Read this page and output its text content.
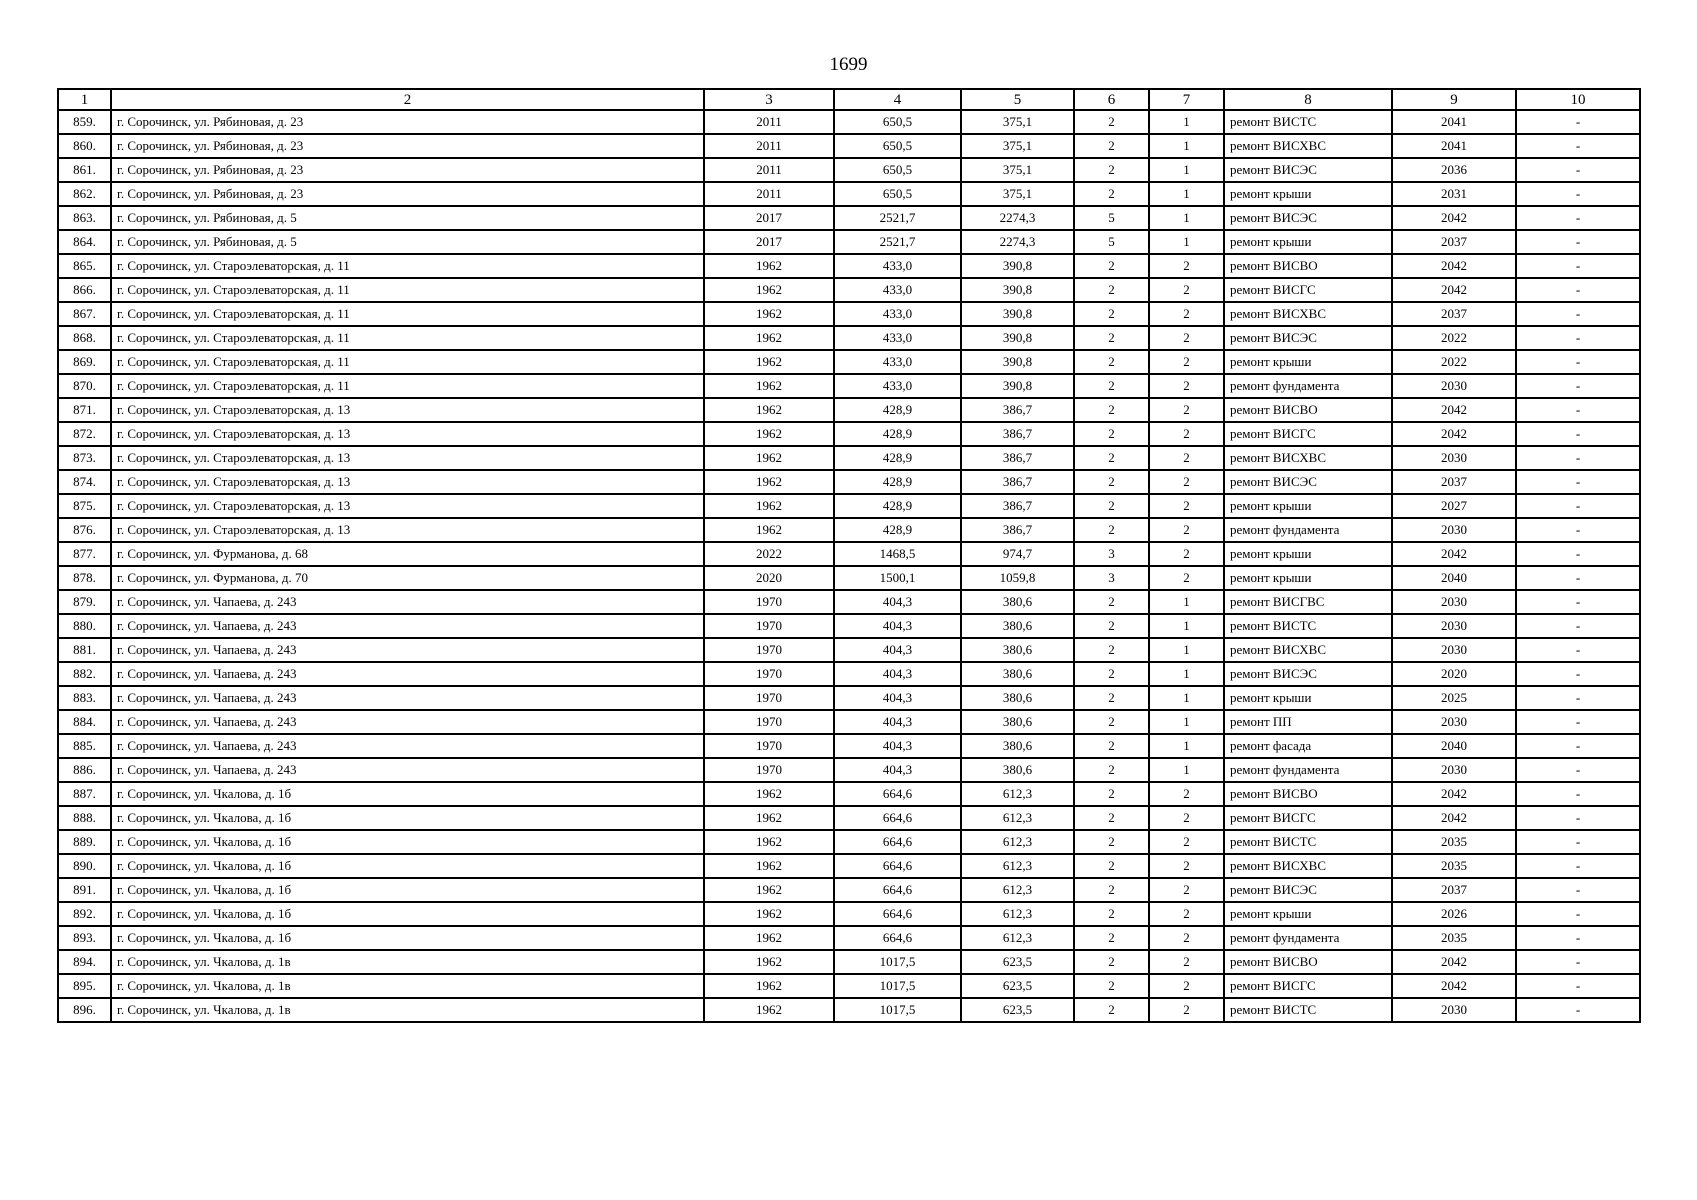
1699
1	2	3	4	5	6	7	8	9	10
859.	г. Сорочинск, ул. Рябиновая, д. 23	2011	650,5	375,1	2	1	ремонт ВИСТС	2041	-
860.	г. Сорочинск, ул. Рябиновая, д. 23	2011	650,5	375,1	2	1	ремонт ВИСХВС	2041	-
861.	г. Сорочинск, ул. Рябиновая, д. 23	2011	650,5	375,1	2	1	ремонт ВИСЭС	2036	-
862.	г. Сорочинск, ул. Рябиновая, д. 23	2011	650,5	375,1	2	1	ремонт крыши	2031	-
863.	г. Сорочинск, ул. Рябиновая, д. 5	2017	2521,7	2274,3	5	1	ремонт ВИСЭС	2042	-
864.	г. Сорочинск, ул. Рябиновая, д. 5	2017	2521,7	2274,3	5	1	ремонт крыши	2037	-
865.	г. Сорочинск, ул. Староэлеваторская, д. 11	1962	433,0	390,8	2	2	ремонт ВИСВО	2042	-
866.	г. Сорочинск, ул. Староэлеваторская, д. 11	1962	433,0	390,8	2	2	ремонт ВИСГС	2042	-
867.	г. Сорочинск, ул. Староэлеваторская, д. 11	1962	433,0	390,8	2	2	ремонт ВИСХВС	2037	-
868.	г. Сорочинск, ул. Староэлеваторская, д. 11	1962	433,0	390,8	2	2	ремонт ВИСЭС	2022	-
869.	г. Сорочинск, ул. Староэлеваторская, д. 11	1962	433,0	390,8	2	2	ремонт крыши	2022	-
870.	г. Сорочинск, ул. Староэлеваторская, д. 11	1962	433,0	390,8	2	2	ремонт фундамента	2030	-
871.	г. Сорочинск, ул. Староэлеваторская, д. 13	1962	428,9	386,7	2	2	ремонт ВИСВО	2042	-
872.	г. Сорочинск, ул. Староэлеваторская, д. 13	1962	428,9	386,7	2	2	ремонт ВИСГС	2042	-
873.	г. Сорочинск, ул. Староэлеваторская, д. 13	1962	428,9	386,7	2	2	ремонт ВИСХВС	2030	-
874.	г. Сорочинск, ул. Староэлеваторская, д. 13	1962	428,9	386,7	2	2	ремонт ВИСЭС	2037	-
875.	г. Сорочинск, ул. Староэлеваторская, д. 13	1962	428,9	386,7	2	2	ремонт крыши	2027	-
876.	г. Сорочинск, ул. Староэлеваторская, д. 13	1962	428,9	386,7	2	2	ремонт фундамента	2030	-
877.	г. Сорочинск, ул. Фурманова, д. 68	2022	1468,5	974,7	3	2	ремонт крыши	2042	-
878.	г. Сорочинск, ул. Фурманова, д. 70	2020	1500,1	1059,8	3	2	ремонт крыши	2040	-
879.	г. Сорочинск, ул. Чапаева, д. 243	1970	404,3	380,6	2	1	ремонт ВИСГВС	2030	-
880.	г. Сорочинск, ул. Чапаева, д. 243	1970	404,3	380,6	2	1	ремонт ВИСТС	2030	-
881.	г. Сорочинск, ул. Чапаева, д. 243	1970	404,3	380,6	2	1	ремонт ВИСХВС	2030	-
882.	г. Сорочинск, ул. Чапаева, д. 243	1970	404,3	380,6	2	1	ремонт ВИСЭС	2020	-
883.	г. Сорочинск, ул. Чапаева, д. 243	1970	404,3	380,6	2	1	ремонт крыши	2025	-
884.	г. Сорочинск, ул. Чапаева, д. 243	1970	404,3	380,6	2	1	ремонт ПП	2030	-
885.	г. Сорочинск, ул. Чапаева, д. 243	1970	404,3	380,6	2	1	ремонт фасада	2040	-
886.	г. Сорочинск, ул. Чапаева, д. 243	1970	404,3	380,6	2	1	ремонт фундамента	2030	-
887.	г. Сорочинск, ул. Чкалова, д. 1б	1962	664,6	612,3	2	2	ремонт ВИСВО	2042	-
888.	г. Сорочинск, ул. Чкалова, д. 1б	1962	664,6	612,3	2	2	ремонт ВИСГС	2042	-
889.	г. Сорочинск, ул. Чкалова, д. 1б	1962	664,6	612,3	2	2	ремонт ВИСТС	2035	-
890.	г. Сорочинск, ул. Чкалова, д. 1б	1962	664,6	612,3	2	2	ремонт ВИСХВС	2035	-
891.	г. Сорочинск, ул. Чкалова, д. 1б	1962	664,6	612,3	2	2	ремонт ВИСЭС	2037	-
892.	г. Сорочинск, ул. Чкалова, д. 1б	1962	664,6	612,3	2	2	ремонт крыши	2026	-
893.	г. Сорочинск, ул. Чкалова, д. 1б	1962	664,6	612,3	2	2	ремонт фундамента	2035	-
894.	г. Сорочинск, ул. Чкалова, д. 1в	1962	1017,5	623,5	2	2	ремонт ВИСВО	2042	-
895.	г. Сорочинск, ул. Чкалова, д. 1в	1962	1017,5	623,5	2	2	ремонт ВИСГС	2042	-
896.	г. Сорочинск, ул. Чкалова, д. 1в	1962	1017,5	623,5	2	2	ремонт ВИСТС	2030	-
